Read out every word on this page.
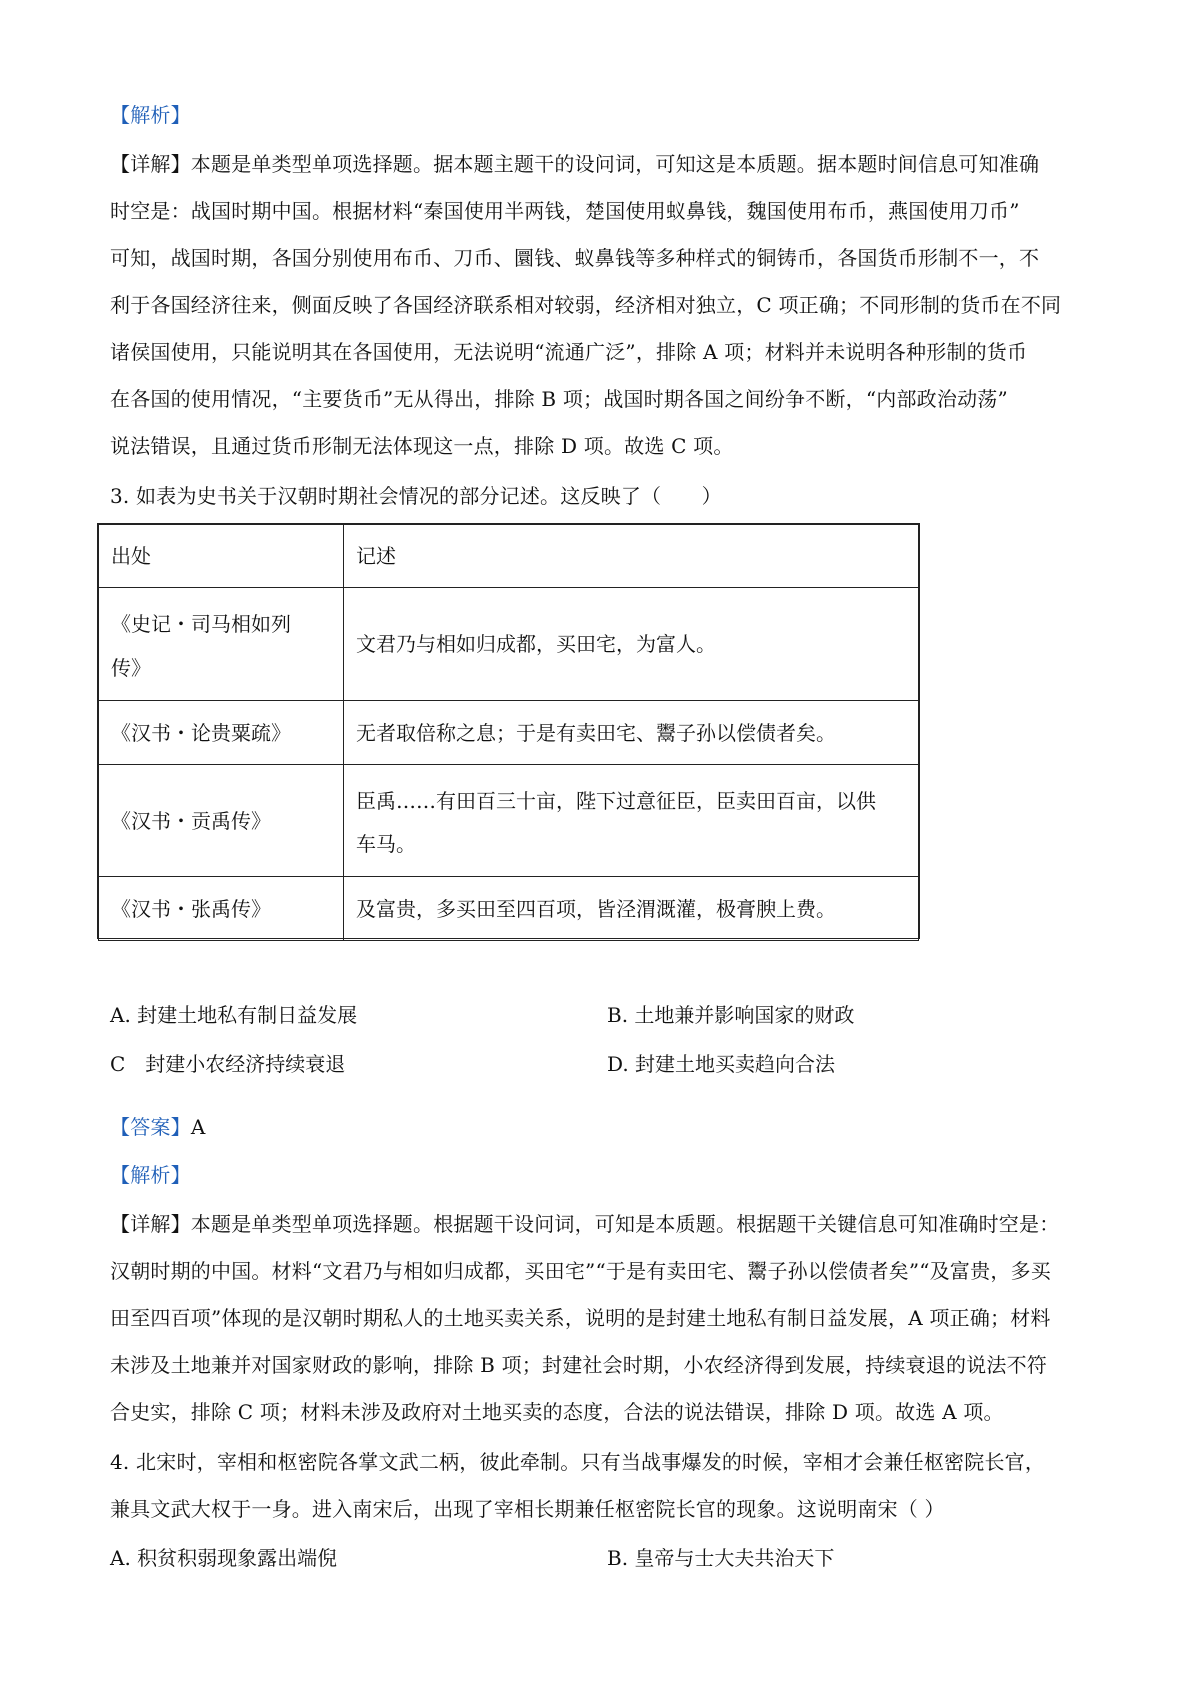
【解析】
【详解】本题是单类型单项选择题。据本题主题干的设问词，可知这是本质题。据本题时间信息可知准确
时空是：战国时期中国。根据材料“秦国使用半两钱，楚国使用蚁鼻钱，魏国使用布币，燕国使用刀币”
可知，战国时期，各国分别使用布币、刀币、圜钱、蚁鼻钱等多种样式的铜铸币，各国货币形制不一，不
利于各国经济往来，侧面反映了各国经济联系相对较弱，经济相对独立，C 项正确；不同形制的货币在不同
诸侯国使用，只能说明其在各国使用，无法说明“流通广泛”，排除 A 项；材料并未说明各种形制的货币
在各国的使用情况，“主要货币”无从得出，排除 B 项；战国时期各国之间纷争不断，“内部政治动荡”
说法错误，且通过货币形制无法体现这一点，排除 D 项。故选 C 项。
3. 如表为史书关于汉朝时期社会情况的部分记述。这反映了（　　）
出处	记述

《史记・司马相如列
传》	文君乃与相如归成都，买田宅，为富人。

《汉书・论贵粟疏》	无者取倍称之息；于是有卖田宅、鬻子孙以偿债者矣。

《汉书・贡禹传》	臣禹……有田百三十亩，陛下过意征臣，臣卖田百亩，以供
车马。

《汉书・张禹传》	及富贵，多买田至四百项，皆泾渭溉灌，极膏腴上费。
A. 封建土地私有制日益发展	B. 土地兼并影响国家的财政
C　封建小农经济持续衰退	D. 封建土地买卖趋向合法
【答案】A
【解析】
【详解】本题是单类型单项选择题。根据题干设问词，可知是本质题。根据题干关键信息可知准确时空是：
汉朝时期的中国。材料“文君乃与相如归成都，买田宅”“于是有卖田宅、鬻子孙以偿债者矣”“及富贵，多买
田至四百项”体现的是汉朝时期私人的土地买卖关系，说明的是封建土地私有制日益发展，A 项正确；材料
未涉及土地兼并对国家财政的影响，排除 B 项；封建社会时期，小农经济得到发展，持续衰退的说法不符
合史实，排除 C 项；材料未涉及政府对土地买卖的态度，合法的说法错误，排除 D 项。故选 A 项。
4. 北宋时，宰相和枢密院各掌文武二柄，彼此牵制。只有当战事爆发的时候，宰相才会兼任枢密院长官，
兼具文武大权于一身。进入南宋后，出现了宰相长期兼任枢密院长官的现象。这说明南宋（ ）
A. 积贫积弱现象露出端倪	B. 皇帝与士大夫共治天下
